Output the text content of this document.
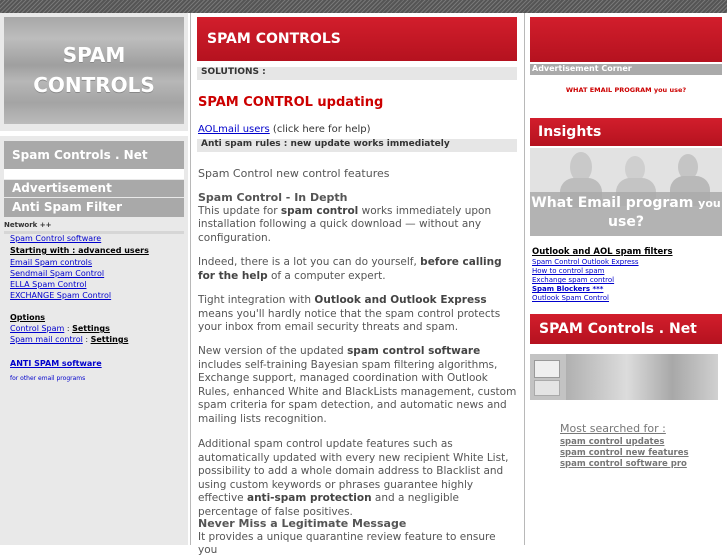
SPAM
CONTROLS
Spam Controls . Net
Advertisement
Anti Spam Filter
Network ++
Spam Control software
Starting with : advanced users
Email Spam controls
Sendmail Spam Control
ELLA Spam Control
EXCHANGE Spam Control
Options
Control Spam : Settings
Spam mail control : Settings
ANTI SPAM software
for other email programs
SPAM CONTROLS
SOLUTIONS :
SPAM CONTROL updating
AOLmail users (click here for help)
Anti spam rules : new update works immediately
Spam Control new control features
Spam Control - In Depth
This update for spam control works immediately upon installation following a quick download — without any configuration.
Indeed, there is a lot you can do yourself, before calling for the help of a computer expert.
Tight integration with Outlook and Outlook Express means you'll hardly notice that the spam control protects your inbox from email security threats and spam.
New version of the updated spam control software includes self-training Bayesian spam filtering algorithms, Exchange support, managed coordination with Outlook Rules, enhanced White and BlackLists management, custom spam criteria for spam detection, and automatic news and mailing lists recognition.
Additional spam control update features such as automatically updated with every new recipient White List, possibility to add a whole domain address to Blacklist and using custom keywords or phrases guarantee highly effective anti-spam protection and a negligible percentage of false positives.
Never Miss a Legitimate Message
It provides a unique quarantine review feature to ensure you
Advertisement Corner
WHAT EMAIL PROGRAM you use?
Insights
What Email program you
use?
Outlook and AOL spam filters
Spam Control Outlook Express
How to control spam
Exchange spam control
Spam Blockers ***
Outlook Spam Control
SPAM Controls . Net
Most searched for :
spam control updates
spam control new features
spam control software pro
